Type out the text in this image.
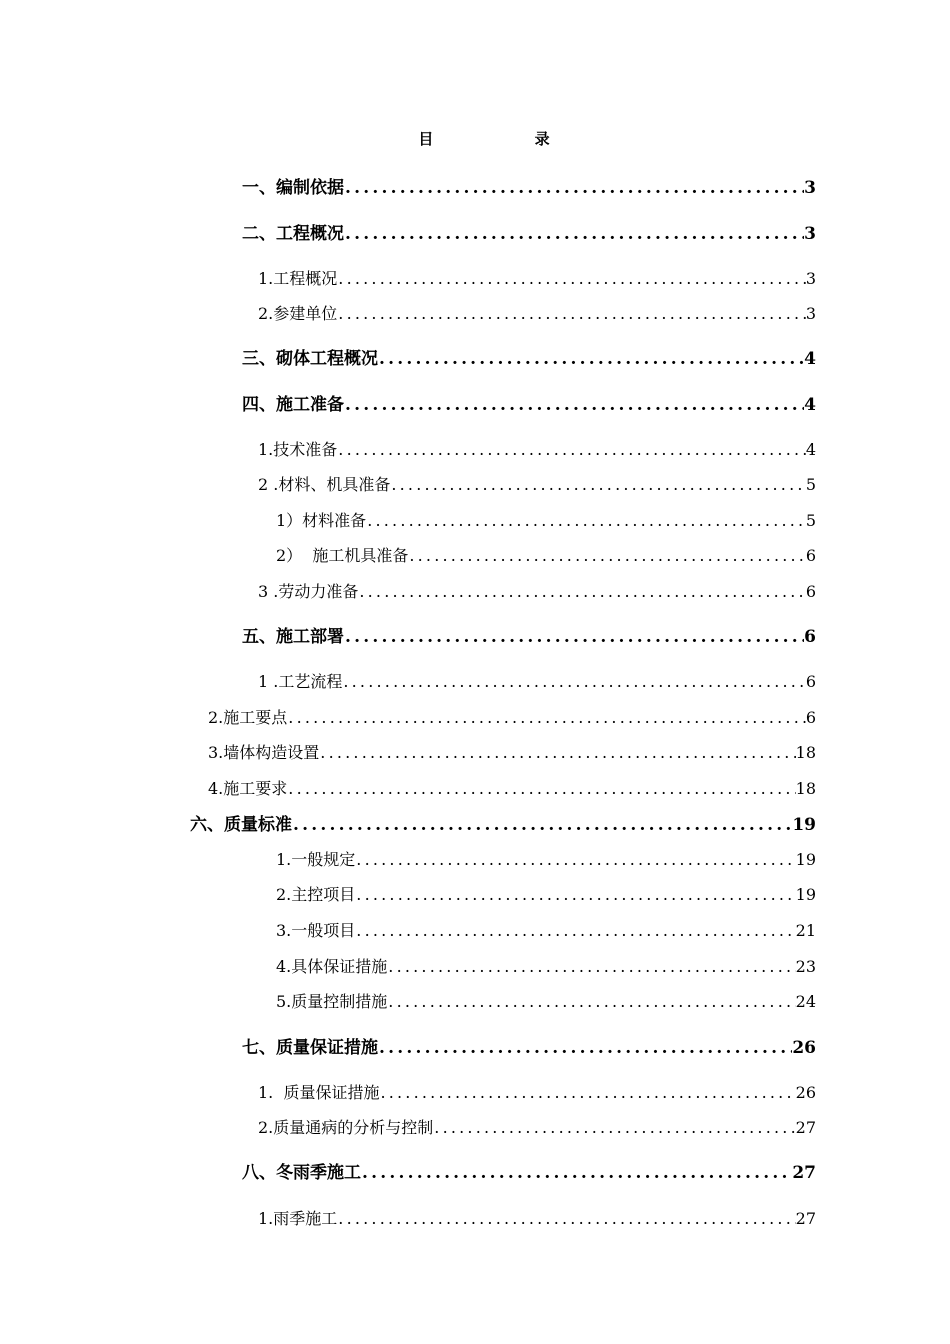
目 录
一、编制依据 .....	3
二、工程概况 .....	3
1.工程概况 .....	3
2.参建单位 .....	3
三、砌体工程概况 .....	4
四、施工准备 .....	4
1.技术准备 .....	4
2 .材料、机具准备 .....	5
1）材料准备 .....	5
2）  施工机具准备 .....	6
3 .劳动力准备 .....	6
五、施工部署 .....	6
1 .工艺流程 .....	6
2.施工要点 .....	6
3.墙体构造设置 .....	18
4.施工要求 .....	18
六、质量标准 .....	19
1.一般规定 .....	19
2.主控项目 .....	19
3.一般项目 .....	21
4.具体保证措施 .....	23
5.质量控制措施 .....	24
七、质量保证措施 .....	26
1.  质量保证措施 .....	26
2.质量通病的分析与控制 .....	27
八、冬雨季施工 .....	27
1.雨季施工 .....	27
